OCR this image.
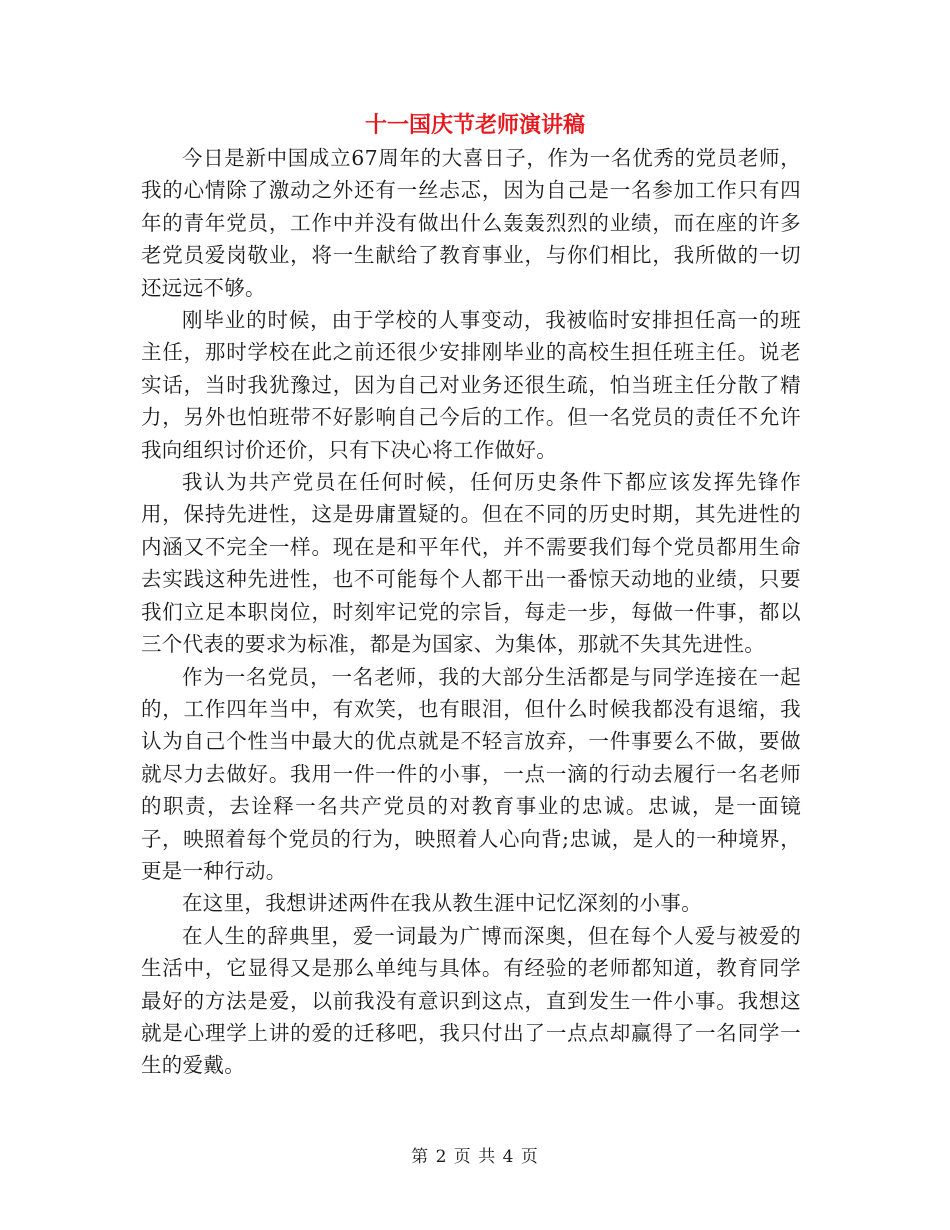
十一国庆节老师演讲稿

今日是新中国成立67周年的大喜日子，作为一名优秀的党员老师，我的心情除了激动之外还有一丝忐忑，因为自己是一名参加工作只有四年的青年党员，工作中并没有做出什么轰轰烈烈的业绩，而在座的许多老党员爱岗敬业，将一生献给了教育事业，与你们相比，我所做的一切还远远不够。

刚毕业的时候，由于学校的人事变动，我被临时安排担任高一的班主任，那时学校在此之前还很少安排刚毕业的高校生担任班主任。说老实话，当时我犹豫过，因为自己对业务还很生疏，怕当班主任分散了精力，另外也怕班带不好影响自己今后的工作。但一名党员的责任不允许我向组织讨价还价，只有下决心将工作做好。

我认为共产党员在任何时候，任何历史条件下都应该发挥先锋作用，保持先进性，这是毋庸置疑的。但在不同的历史时期，其先进性的内涵又不完全一样。现在是和平年代，并不需要我们每个党员都用生命去实践这种先进性，也不可能每个人都干出一番惊天动地的业绩，只要我们立足本职岗位，时刻牢记党的宗旨，每走一步，每做一件事，都以三个代表的要求为标准，都是为国家、为集体，那就不失其先进性。

作为一名党员，一名老师，我的大部分生活都是与同学连接在一起的，工作四年当中，有欢笑，也有眼泪，但什么时候我都没有退缩，我认为自己个性当中最大的优点就是不轻言放弃，一件事要么不做，要做就尽力去做好。我用一件一件的小事，一点一滴的行动去履行一名老师的职责，去诠释一名共产党员的对教育事业的忠诚。忠诚，是一面镜子，映照着每个党员的行为，映照着人心向背;忠诚，是人的一种境界，更是一种行动。

在这里，我想讲述两件在我从教生涯中记忆深刻的小事。

在人生的辞典里，爱一词最为广博而深奥，但在每个人爱与被爱的生活中，它显得又是那么单纯与具体。有经验的老师都知道，教育同学最好的方法是爱，以前我没有意识到这点，直到发生一件小事。我想这就是心理学上讲的爱的迁移吧，我只付出了一点点却赢得了一名同学一生的爱戴。

第 2 页 共 4 页
